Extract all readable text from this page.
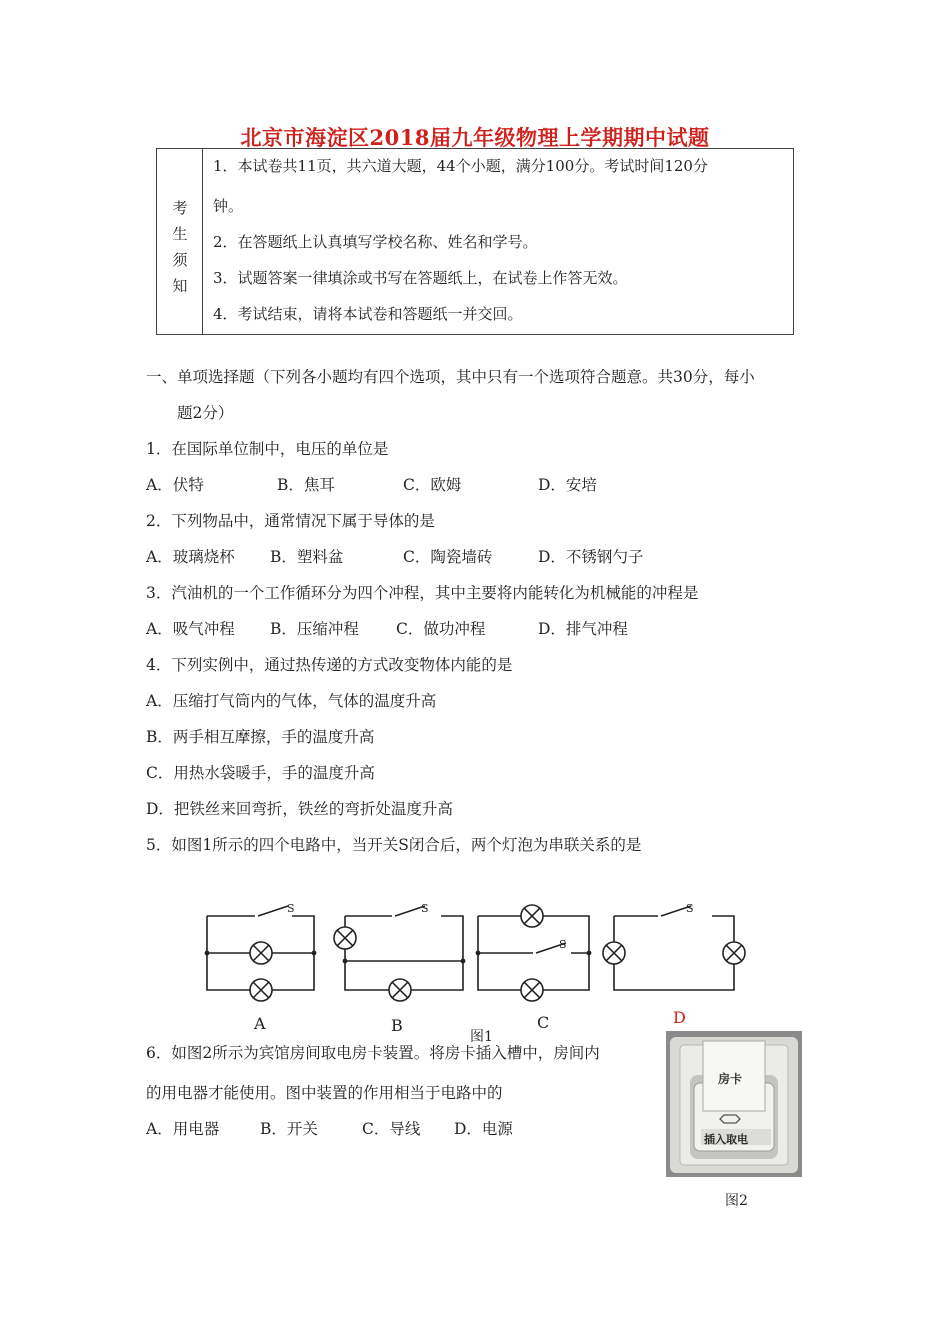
北京市海淀区2018届九年级物理上学期期中试题
考
生
须
知
1．本试卷共11页，共六道大题，44个小题，满分100分。考试时间120分
钟。
2．在答题纸上认真填写学校名称、姓名和学号。
3．试题答案一律填涂或书写在答题纸上，在试卷上作答无效。
4．考试结束，请将本试卷和答题纸一并交回。
一、单项选择题（下列各小题均有四个选项，其中只有一个选项符合题意。共30分，每小
题2分）
1．在国际单位制中，电压的单位是
A．伏特	B．焦耳	C．欧姆	D．安培
2．下列物品中，通常情况下属于导体的是
A．玻璃烧杯 B．塑料盆	C．陶瓷墙砖	D．不锈钢勺子
3．汽油机的一个工作循环分为四个冲程，其中主要将内能转化为机械能的冲程是
A．吸气冲程 B．压缩冲程 C．做功冲程	D．排气冲程
4．下列实例中，通过热传递的方式改变物体内能的是
A．压缩打气筒内的气体，气体的温度升高
B．两手相互摩擦，手的温度升高
C．用热水袋暖手，手的温度升高
D．把铁丝来回弯折，铁丝的弯折处温度升高
5．如图1所示的四个电路中，当开关S闭合后，两个灯泡为串联关系的是
S	S
S
S
A	B	C	D
图1
6．如图2所示为宾馆房间取电房卡装置。将房卡插入槽中，房间内
的用电器才能使用。图中装置的作用相当于电路中的
A．用电器	B．开关	C．导线 D．电源
房卡
插入取电
图2
